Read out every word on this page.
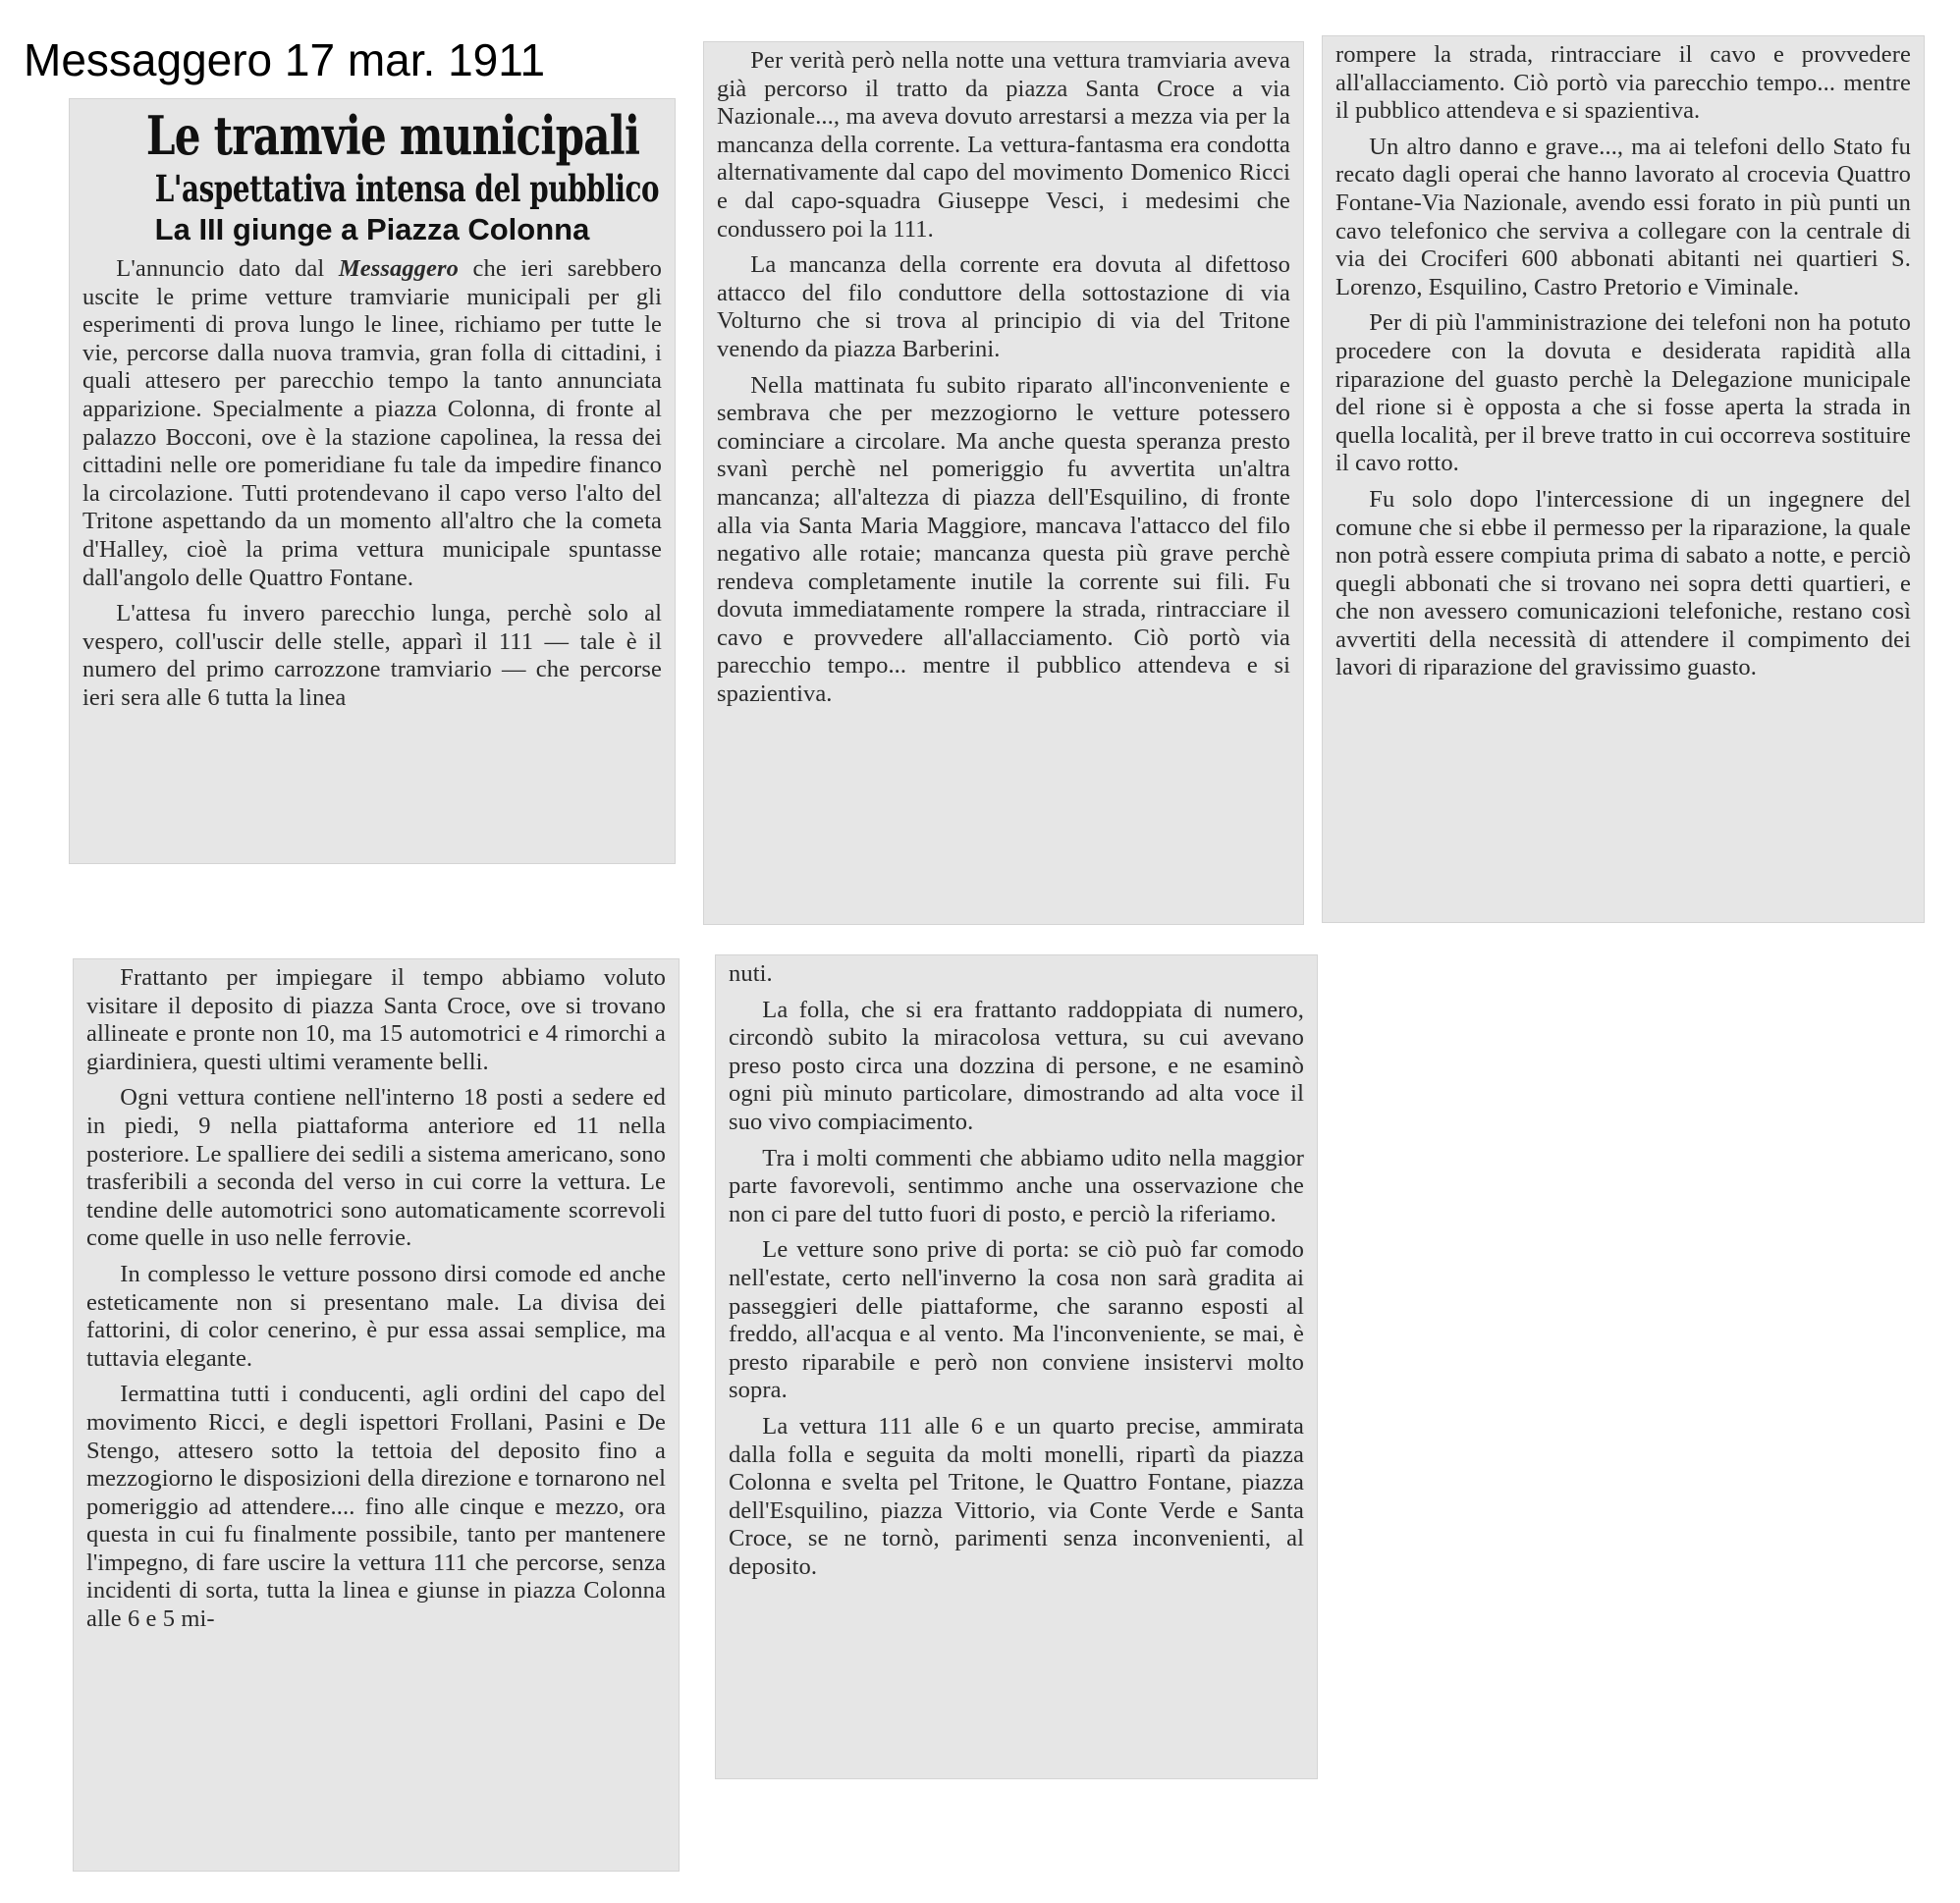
Messaggero 17 mar. 1911
Le tramvie municipali
L'aspettativa intensa del pubblico
La III giunge a Piazza Colonna

L'annuncio dato dal Messaggero che ieri sarebbero uscite le prime vetture tramviarie municipali per gli esperimenti di prova lungo le linee, richiamo per tutte le vie, percorse dalla nuova tramvia, gran folla di cittadini, i quali attesero per parecchio tempo la tanto annunciata apparizione. Specialmente a piazza Colonna, di fronte al palazzo Bocconi, ove è la stazione capolinea, la ressa dei cittadini nelle ore pomeridiane fu tale da impedire financo la circolazione. Tutti protendevano il capo verso l'alto del Tritone aspettando da un momento all'altro che la cometa d'Halley, cioè la prima vettura municipale spuntasse dall'angolo delle Quattro Fontane.

L'attesa fu invero parecchio lunga, perchè solo al vespero, coll'uscir delle stelle, apparì il 111 — tale è il numero del primo carrozzone tramviario — che percorse ieri sera alle 6 tutta la linea

Per verità però nella notte una vettura tramviaria aveva già percorso il tratto da piazza Santa Croce a via Nazionale..., ma aveva dovuto arrestarsi a mezza via per la mancanza della corrente. La vettura-fantasma era condotta alternativamente dal capo del movimento Domenico Ricci e dal capo-squadra Giuseppe Vesci, i medesimi che condussero poi la 111.

La mancanza della corrente era dovuta al difettoso attacco del filo conduttore della sottostazione di via Volturno che si trova al principio di via del Tritone venendo da piazza Barberini.

Nella mattinata fu subito riparato all'inconveniente e sembrava che per mezzogiorno le vetture potessero cominciare a circolare. Ma anche questa speranza presto svanì perchè nel pomeriggio fu avvertita un'altra mancanza; all'altezza di piazza dell'Esquilino, di fronte alla via Santa Maria Maggiore, mancava l'attacco del filo negativo alle rotaie; mancanza questa più grave perchè rendeva completamente inutile la corrente sui fili. Fu dovuta immediatamente rompere la strada, rintracciare il cavo e provvedere all'allacciamento. Ciò portò via parecchio tempo... mentre il pubblico attendeva e si spazientiva.

rompere la strada, rintracciare il cavo e provvedere all'allacciamento. Ciò portò via parecchio tempo... mentre il pubblico attendeva e si spazientiva.

Un altro danno e grave..., ma ai telefoni dello Stato fu recato dagli operai che hanno lavorato al crocevia Quattro Fontane-Via Nazionale, avendo essi forato in più punti un cavo telefonico che serviva a collegare con la centrale di via dei Crociferi 600 abbonati abitanti nei quartieri S. Lorenzo, Esquilino, Castro Pretorio e Viminale.

Per di più l'amministrazione dei telefoni non ha potuto procedere con la dovuta e desiderata rapidità alla riparazione del guasto perchè la Delegazione municipale del rione si è opposta a che si fosse aperta la strada in quella località, per il breve tratto in cui occorreva sostituire il cavo rotto.

Fu solo dopo l'intercessione di un ingegnere del comune che si ebbe il permesso per la riparazione, la quale non potrà essere compiuta prima di sabato a notte, e perciò quegli abbonati che si trovano nei sopra detti quartieri, e che non avessero comunicazioni telefoniche, restano così avvertiti della necessità di attendere il compimento dei lavori di riparazione del gravissimo guasto.

Frattanto per impiegare il tempo abbiamo voluto visitare il deposito di piazza Santa Croce, ove si trovano allineate e pronte non 10, ma 15 automotrici e 4 rimorchi a giardiniera, questi ultimi veramente belli.

Ogni vettura contiene nell'interno 18 posti a sedere ed in piedi, 9 nella piattaforma anteriore ed 11 nella posteriore. Le spalliere dei sedili a sistema americano, sono trasferibili a seconda del verso in cui corre la vettura. Le tendine delle automotrici sono automaticamente scorrevoli come quelle in uso nelle ferrovie.

In complesso le vetture possono dirsi comode ed anche esteticamente non si presentano male. La divisa dei fattorini, di color cenerino, è pur essa assai semplice, ma tuttavia elegante.

Iermattina tutti i conducenti, agli ordini del capo del movimento Ricci, e degli ispettori Frollani, Pasini e De Stengo, attesero sotto la tettoia del deposito fino a mezzogiorno le disposizioni della direzione e tornarono nel pomeriggio ad attendere.... fino alle cinque e mezzo, ora questa in cui fu finalmente possibile, tanto per mantenere l'impegno, di fare uscire la vettura 111 che percorse, senza incidenti di sorta, tutta la linea e giunse in piazza Colonna alle 6 e 5 mi-

nuti.

La folla, che si era frattanto raddoppiata di numero, circondò subito la miracolosa vettura, su cui avevano preso posto circa una dozzina di persone, e ne esaminò ogni più minuto particolare, dimostrando ad alta voce il suo vivo compiacimento.

Tra i molti commenti che abbiamo udito nella maggior parte favorevoli, sentimmo anche una osservazione che non ci pare del tutto fuori di posto, e perciò la riferiamo.

Le vetture sono prive di porta: se ciò può far comodo nell'estate, certo nell'inverno la cosa non sarà gradita ai passeggieri delle piattaforme, che saranno esposti al freddo, all'acqua e al vento. Ma l'inconveniente, se mai, è presto riparabile e però non conviene insistervi molto sopra.

La vettura 111 alle 6 e un quarto precise, ammirata dalla folla e seguita da molti monelli, ripartì da piazza Colonna e svelta pel Tritone, le Quattro Fontane, piazza dell'Esquilino, piazza Vittorio, via Conte Verde e Santa Croce, se ne tornò, parimenti senza inconvenienti, al deposito.
